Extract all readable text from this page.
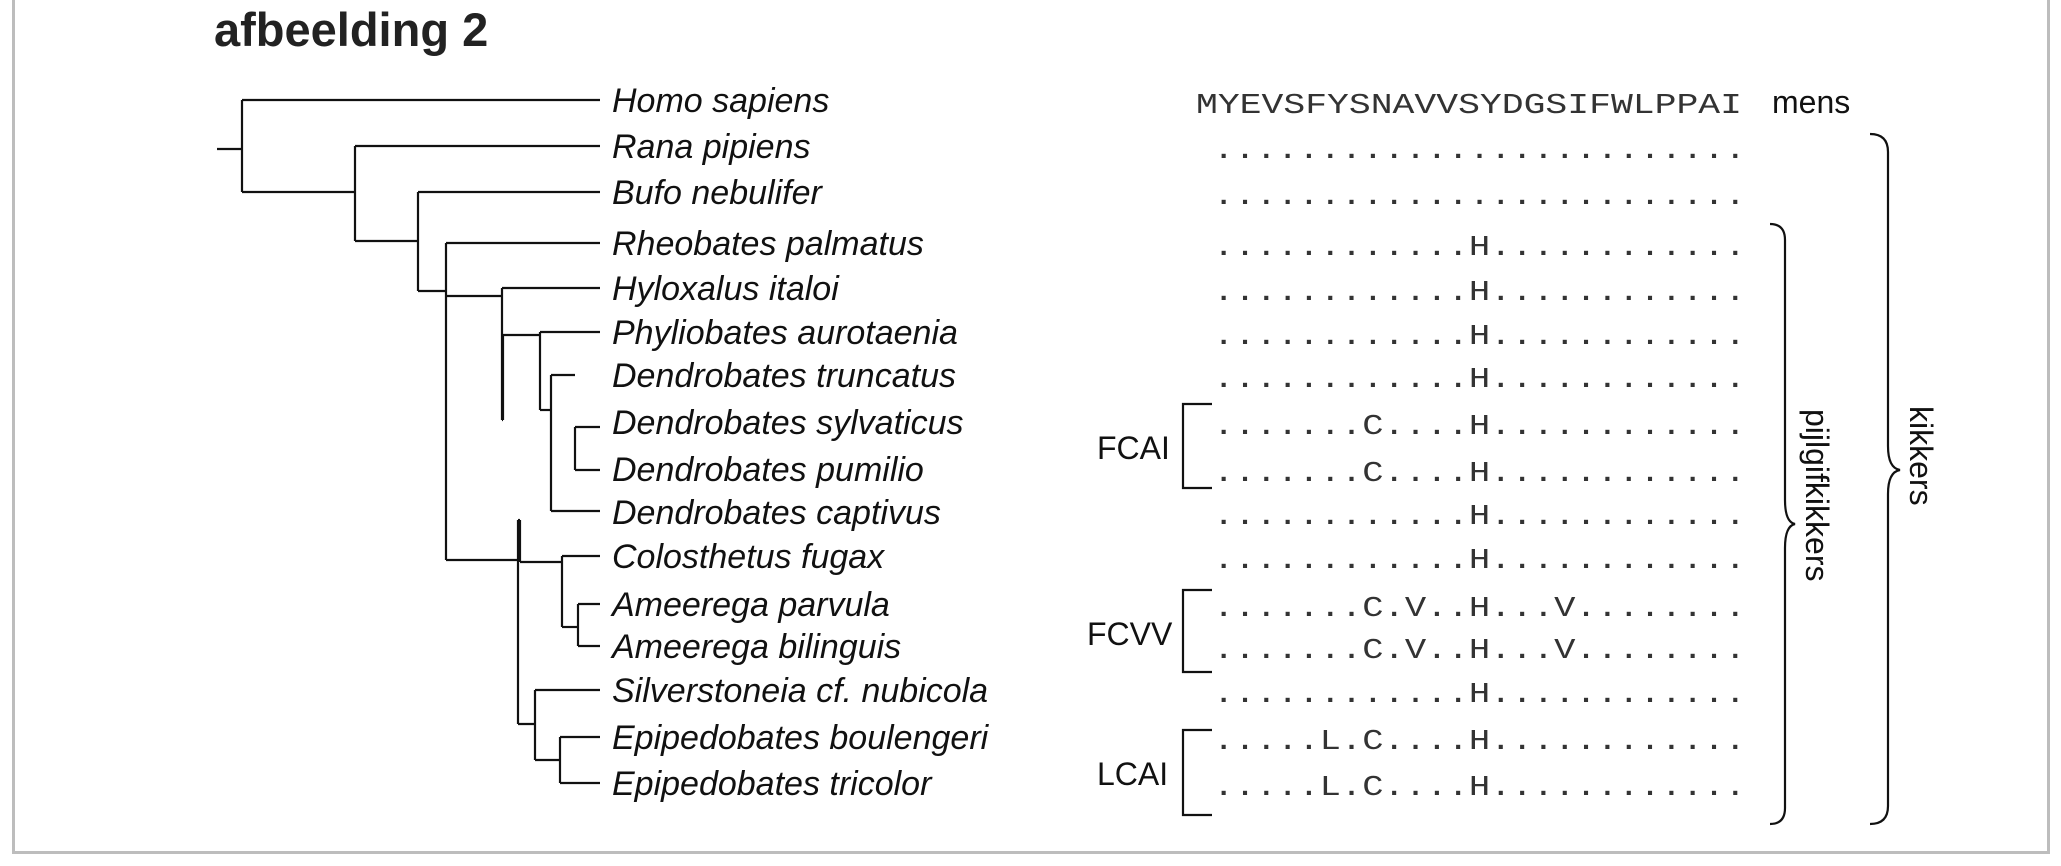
afbeelding 2
Homo sapiens
Rana pipiens
Bufo nebulifer
Rheobates palmatus
Hyloxalus italoi
Phyliobates aurotaenia
Dendrobates truncatus
Dendrobates sylvaticus
Dendrobates pumilio
Dendrobates captivus
Colosthetus fugax
Ameerega parvula
Ameerega bilinguis
Silverstoneia cf. nubicola
Epipedobates boulengeri
Epipedobates tricolor
MYEVSFYSNAVVSYDGSIFWLPPAI mens
.........................
.........................
............H............
............H............
............H............
............H............
.......C....H............
.......C....H............
............H............
............H............
.......C.V..H...V........
.......C.V..H...V........
............H............
.....L.C....H............
.....L.C....H............
FCAI
FCVV
LCAI
pijlgifkikkers kikkers
